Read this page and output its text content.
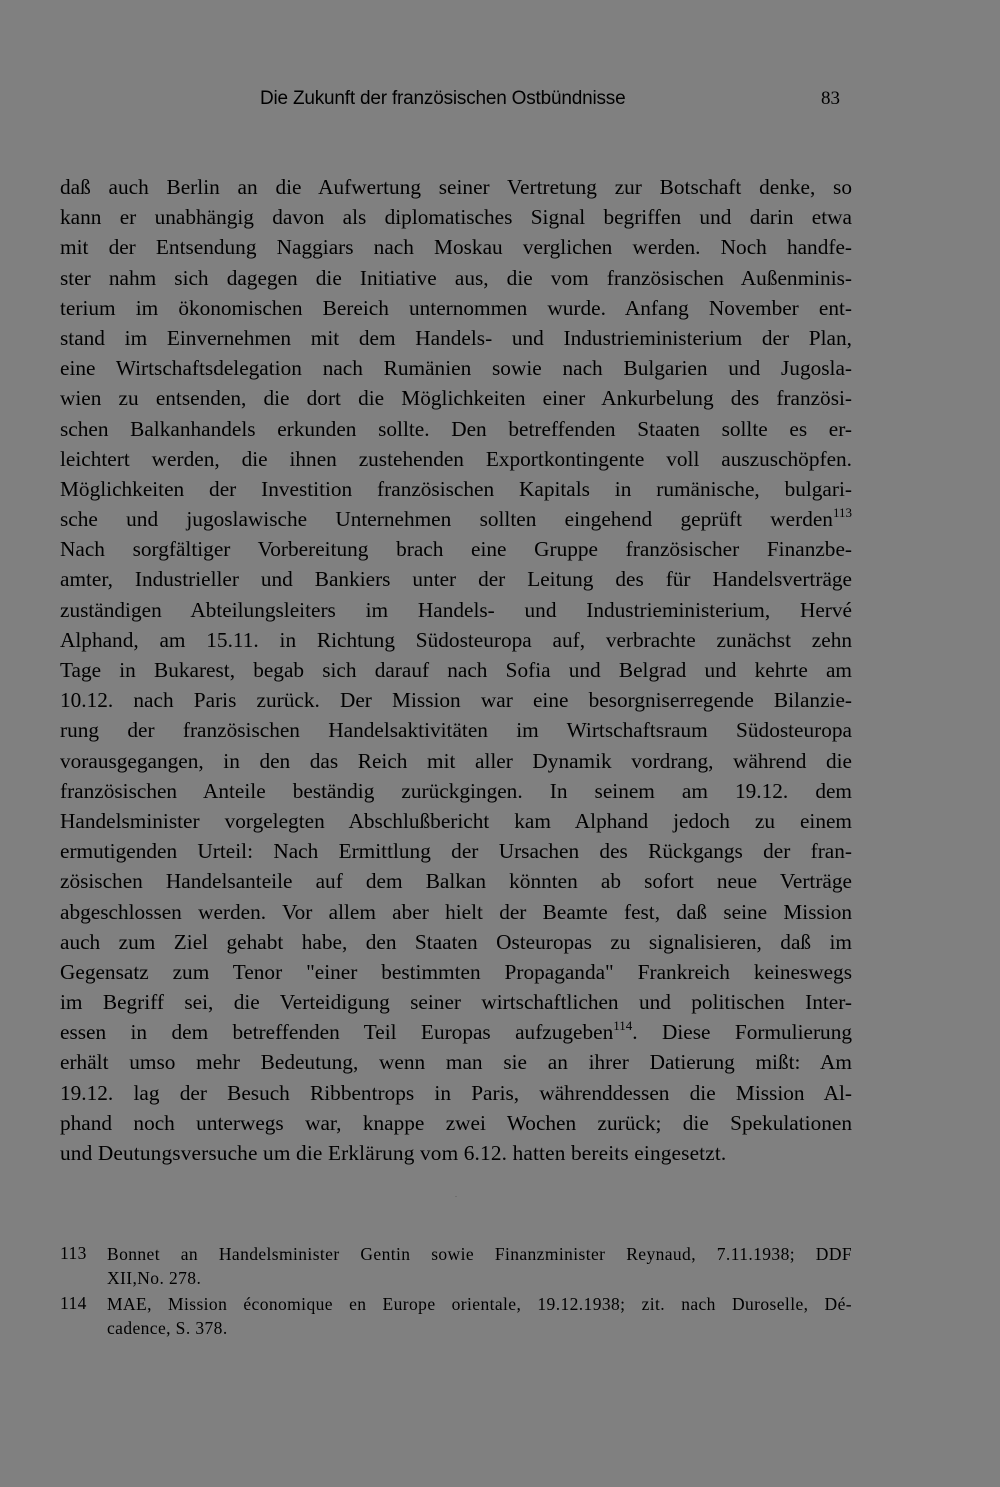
Die Zukunft der französischen Ostbündnisse	83
daß auch Berlin an die Aufwertung seiner Vertretung zur Botschaft denke, so
kann er unabhängig davon als diplomatisches Signal begriffen und darin etwa
mit der Entsendung Naggiars nach Moskau verglichen werden. Noch handfe-
ster nahm sich dagegen die Initiative aus, die vom französischen Außenminis-
terium im ökonomischen Bereich unternommen wurde. Anfang November ent-
stand im Einvernehmen mit dem Handels- und Industrieministerium der Plan,
eine Wirtschaftsdelegation nach Rumänien sowie nach Bulgarien und Jugosla-
wien zu entsenden, die dort die Möglichkeiten einer Ankurbelung des französi-
schen Balkanhandels erkunden sollte. Den betreffenden Staaten sollte es er-
leichtert werden, die ihnen zustehenden Exportkontingente voll auszuschöpfen.
Möglichkeiten der Investition französischen Kapitals in rumänische, bulgari-
sche und jugoslawische Unternehmen sollten eingehend geprüft werden$^{113}$
Nach sorgfältiger Vorbereitung brach eine Gruppe französischer Finanzbe-
amter, Industrieller und Bankiers unter der Leitung des für Handelsverträge
zuständigen Abteilungsleiters im Handels- und Industrieministerium, Hervé
Alphand, am 15.11. in Richtung Südosteuropa auf, verbrachte zunächst zehn
Tage in Bukarest, begab sich darauf nach Sofia und Belgrad und kehrte am
10.12. nach Paris zurück. Der Mission war eine besorgniserregende Bilanzie-
rung der französischen Handelsaktivitäten im Wirtschaftsraum Südosteuropa
vorausgegangen, in den das Reich mit aller Dynamik vordrang, während die
französischen Anteile beständig zurückgingen. In seinem am 19.12. dem
Handelsminister vorgelegten Abschlußbericht kam Alphand jedoch zu einem
ermutigenden Urteil: Nach Ermittlung der Ursachen des Rückgangs der fran-
zösischen Handelsanteile auf dem Balkan könnten ab sofort neue Verträge
abgeschlossen werden. Vor allem aber hielt der Beamte fest, daß seine Mission
auch zum Ziel gehabt habe, den Staaten Osteuropas zu signalisieren, daß im
Gegensatz zum Tenor "einer bestimmten Propaganda" Frankreich keineswegs
im Begriff sei, die Verteidigung seiner wirtschaftlichen und politischen Inter-
essen in dem betreffenden Teil Europas aufzugeben$^{114}$. Diese Formulierung
erhält umso mehr Bedeutung, wenn man sie an ihrer Datierung mißt: Am
19.12. lag der Besuch Ribbentrops in Paris, währenddessen die Mission Al-
phand noch unterwegs war, knappe zwei Wochen zurück; die Spekulationen
und Deutungsversuche um die Erklärung vom 6.12. hatten bereits eingesetzt.
113	Bonnet an Handelsminister Gentin sowie Finanzminister Reynaud, 7.11.1938; DDF
XII,No. 278.
114	MAE, Mission économique en Europe orientale, 19.12.1938; zit. nach Duroselle, Dé-
cadence, S. 378.
